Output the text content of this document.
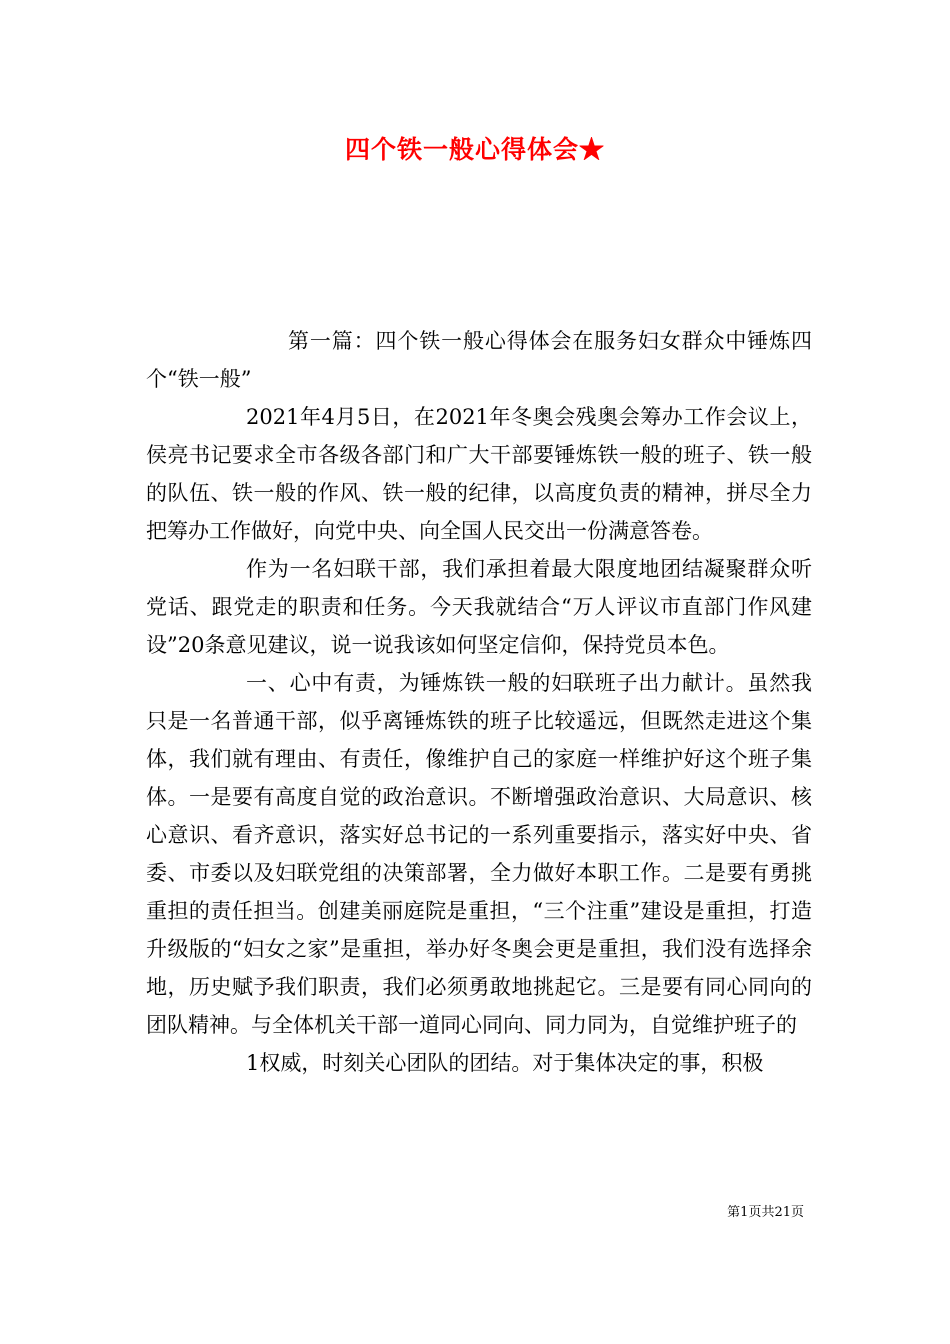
四个铁一般心得体会★

第一篇：四个铁一般心得体会在服务妇女群众中锤炼四个“铁一般”

2021年4月5日，在2021年冬奥会残奥会筹办工作会议上，侯亮书记要求全市各级各部门和广大干部要锤炼铁一般的班子、铁一般的队伍、铁一般的作风、铁一般的纪律，以高度负责的精神，拼尽全力把筹办工作做好，向党中央、向全国人民交出一份满意答卷。

作为一名妇联干部，我们承担着最大限度地团结凝聚群众听党话、跟党走的职责和任务。今天我就结合“万人评议市直部门作风建设”20条意见建议，说一说我该如何坚定信仰，保持党员本色。

一、心中有责，为锤炼铁一般的妇联班子出力献计。虽然我只是一名普通干部，似乎离锤炼铁的班子比较遥远，但既然走进这个集体，我们就有理由、有责任，像维护自己的家庭一样维护好这个班子集体。一是要有高度自觉的政治意识。不断增强政治意识、大局意识、核心意识、看齐意识，落实好总书记的一系列重要指示，落实好中央、省委、市委以及妇联党组的决策部署，全力做好本职工作。二是要有勇挑重担的责任担当。创建美丽庭院是重担，“三个注重”建设是重担，打造升级版的“妇女之家”是重担，举办好冬奥会更是重担，我们没有选择余地，历史赋予我们职责，我们必须勇敢地挑起它。三是要有同心同向的团队精神。与全体机关干部一道同心同向、同力同为，自觉维护班子的

1权威，时刻关心团队的团结。对于集体决定的事，积极

第1页共21页
